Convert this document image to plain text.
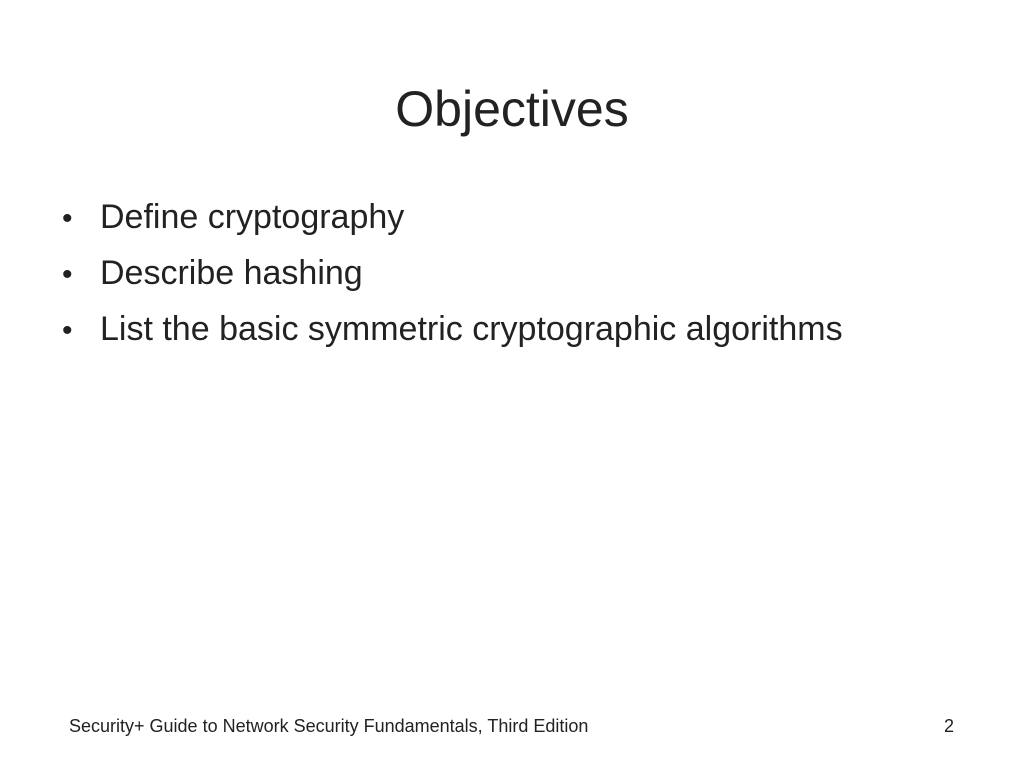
Objectives
• Define cryptography
• Describe hashing
• List the basic symmetric cryptographic algorithms
Security+ Guide to Network Security Fundamentals, Third Edition	2
